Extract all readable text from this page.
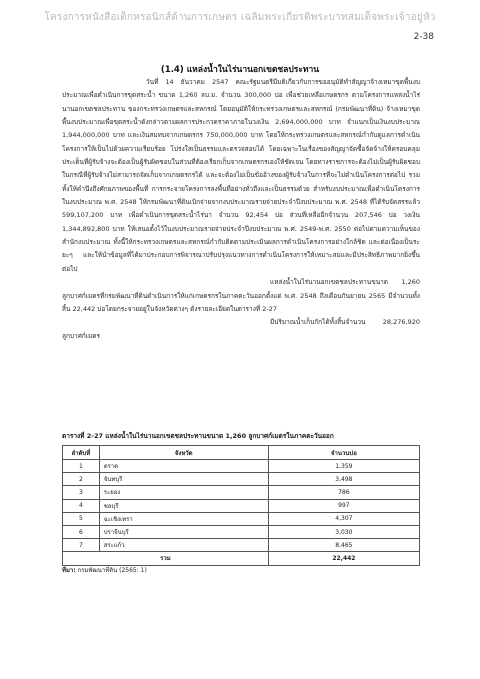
โครงการหนังสือเด็กหรอนิกส์ด้านการเกษตร เฉลิมพระเกียรติพระบาทสมเด็จพระเจ้าอยู่หัว
2-38
(1.4) แหล่งน้ำในไร่นานอกเขตชลประทาน

วันที่ 14 ธันวาคม 2547 คณะรัฐมนตรีมีมติเกี่ยวกับการขออนุมัติทำสัญญาจ้างเหมาขุดพื้นงบประมาณเพื่อดำเนินการขุดสระน้ำ ขนาด 1,260 ลบ.ม. จำนวน 300,000 บ่อ เพื่อช่วยเหลือเกษตรกร ตามโครงการแหล่งน้ำไร่นานอกเขตชลประทาน ของกระทรวงเกษตรและสหกรณ์ โดยอนุมัติให้กระทรวงเกษตรและสหกรณ์ (กรมพัฒนาที่ดิน) จ้างเหมาขุดพื้นงบประมาณเพื่อขุดสระน้ำดังกล่าวตามผลการประกวดราคาภายในวงเงิน 2,694,000,000 บาท จำแนกเป็นเงินงบประมาณ 1,944,000,000 บาท และเงินสมทบจากเกษตรกร 750,000,000 บาท โดยให้กระทรวงเกษตรและสหกรณ์กำกับดูแลการดำเนินโครงการให้เป็นไปด้วยความเรียบร้อย โปร่งใสเป็นธรรมและตรวจสอบได้ โดยเฉพาะในเรื่องของสัญญาจัดซื้อจัดจ้างให้ครอบคลุมประเด็นที่ผู้รับจ้างจะต้องเป็นผู้รับผิดชอบในส่วนที่ต้องเรียกเก็บจากเกษตรกรเองให้ชัดเจน โดยทางราชการจะต้องไม่เป็นผู้รับผิดชอบในกรณีที่ผู้รับจ้างไม่สามารถจัดเก็บจากเกษตรกรได้ และจะต้องไม่เป็นข้ออ้างของผู้รับจ้างในการที่จะไม่ดำเนินโครงการต่อไป รวมทั้งให้คำนึงถึงศักยภาพของพื้นที่ การกระจายโครงการลงพื้นที่อย่างทั่วถึงและเป็นธรรมด้วย สำหรับงบประมาณเพื่อดำเนินโครงการในงบประมาณ พ.ศ. 2548 ให้กรมพัฒนาที่ดินเบิกจ่ายจากงบประมาณรายจ่ายประจำปีงบประมาณ พ.ศ. 2548 ที่ได้รับจัดสรรแล้ว 599,107,200 บาท เพื่อดำเนินการขุดสระน้ำไร่นา จำนวน 92,454 บ่อ ส่วนที่เหลืออีกจำนวน 207,546 บ่อ วงเงิน 1,344,892,800 บาท ให้เสนอตั้งไว้ในงบประมาณรายจ่ายประจำปีงบประมาณ พ.ศ. 2549-พ.ศ. 2550 ต่อไปตามความเห็นของสำนักงบประมาณ ทั้งนี้ให้กระทรวงเกษตรและสหกรณ์กำกับติดตามประเมินผลการดำเนินโครงการอย่างใกล้ชิด และต่อเนื่องเป็นระยะๆ และให้นำข้อมูลที่ได้มาประกอบการพิจารณาปรับปรุงแนวทางการดำเนินโครงการให้เหมาะสมและมีประสิทธิภาพมากยิ่งขึ้นต่อไป

แหล่งน้ำในไร่นานอกเขตชลประทานขนาด 1,260 ลูกบาศก์เมตรที่กรมพัฒนาที่ดินดำเนินการให้แก่เกษตรกรในภาคตะวันออกตั้งแต่ พ.ศ. 2548 ถึงเดือนกันยายน 2565 มีจำนวนทั้งสิ้น 22,442 บ่อโดยกระจายอยู่ในจังหวัดต่างๆ ดังรายละเอียดในตารางที่ 2-27

มีปริมาณน้ำเก็บกักได้ทั้งสิ้นจำนวน 28,276,920 ลูกบาศก์เมตร

ตารางที่ 2-27 แหล่งน้ำในไร่นานอกเขตชลประทานขนาด 1,260 ลูกบาศก์เมตรในภาคตะวันออก
ลำดับที่	จังหวัด	จำนวนบ่อ
1	ตราด	1,359
2	จันทบุรี	3,498
3	ระยอง	786
4	ชลบุรี	997
5	ฉะเชิงเทรา	4,307
6	ปราจีนบุรี	3,030
7	สระแก้ว	8,465
รวม		22,442
ที่มา: กรมพัฒนาที่ดิน (2565: 1)
